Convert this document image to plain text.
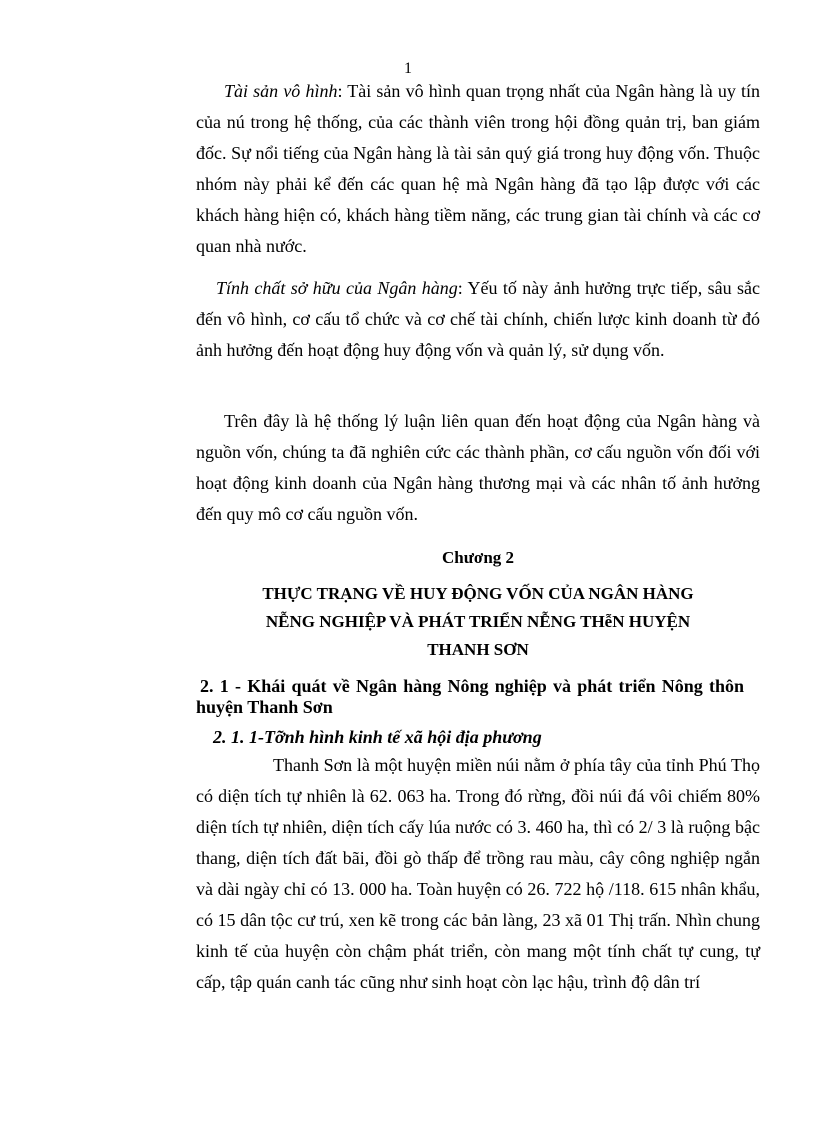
1
Tài sản vô hình: Tài sản vô hình quan trọng nhất của Ngân hàng là uy tín của nú trong hệ thống, của các thành viên trong hội đồng quản trị, ban giám đốc. Sự nổi tiếng của Ngân hàng là tài sản quý giá trong huy động vốn. Thuộc nhóm này phải kể đến các quan hệ mà Ngân hàng đã tạo lập được với các khách hàng hiện có, khách hàng tiềm năng, các trung gian tài chính và các cơ quan nhà nước.
Tính chất sở hữu của Ngân hàng: Yếu tố này ảnh hưởng trực tiếp, sâu sắc đến vô hình, cơ cấu tổ chức và cơ chế tài chính, chiến lược kinh doanh từ đó ảnh hưởng đến hoạt động huy động vốn và quản lý, sử dụng vốn.
Trên đây là hệ thống lý luận liên quan đến hoạt động của Ngân hàng và nguồn vốn, chúng ta đã nghiên cức các thành phần, cơ cấu nguồn vốn đối với hoạt động kinh doanh của Ngân hàng thương mại và các nhân tố ảnh hưởng đến quy mô cơ cấu nguồn vốn.
Chương 2
THỰC TRẠNG VỀ HUY ĐỘNG VỐN CỦA NGÂN HÀNG
NỄNG NGHIỆP VÀ PHÁT TRIỂN NỄNG THễN HUYỆN
THANH SƠN
2. 1 - Khái quát về Ngân hàng Nông nghiệp và phát triển Nông thôn huyện Thanh Sơn
2. 1. 1-Tỡnh hình kinh tế xã hội địa phương
Thanh Sơn là một huyện miền núi nằm ở phía tây của tỉnh Phú Thọ có diện tích tự nhiên là 62. 063 ha. Trong đó rừng, đồi núi đá vôi chiếm 80% diện tích tự nhiên, diện tích cấy lúa nước có 3. 460 ha, thì có 2/ 3 là ruộng bậc thang, diện tích đất bãi, đồi gò thấp để trồng rau màu, cây công nghiệp ngắn và dài ngày chỉ có 13. 000 ha. Toàn huyện có 26. 722 hộ /118. 615 nhân khẩu, có 15 dân tộc cư trú, xen kẽ trong các bản làng, 23 xã 01 Thị trấn. Nhìn chung kinh tế của huyện còn chậm phát triển, còn mang một tính chất tự cung, tự cấp, tập quán canh tác cũng như sinh hoạt còn lạc hậu, trình độ dân trí
